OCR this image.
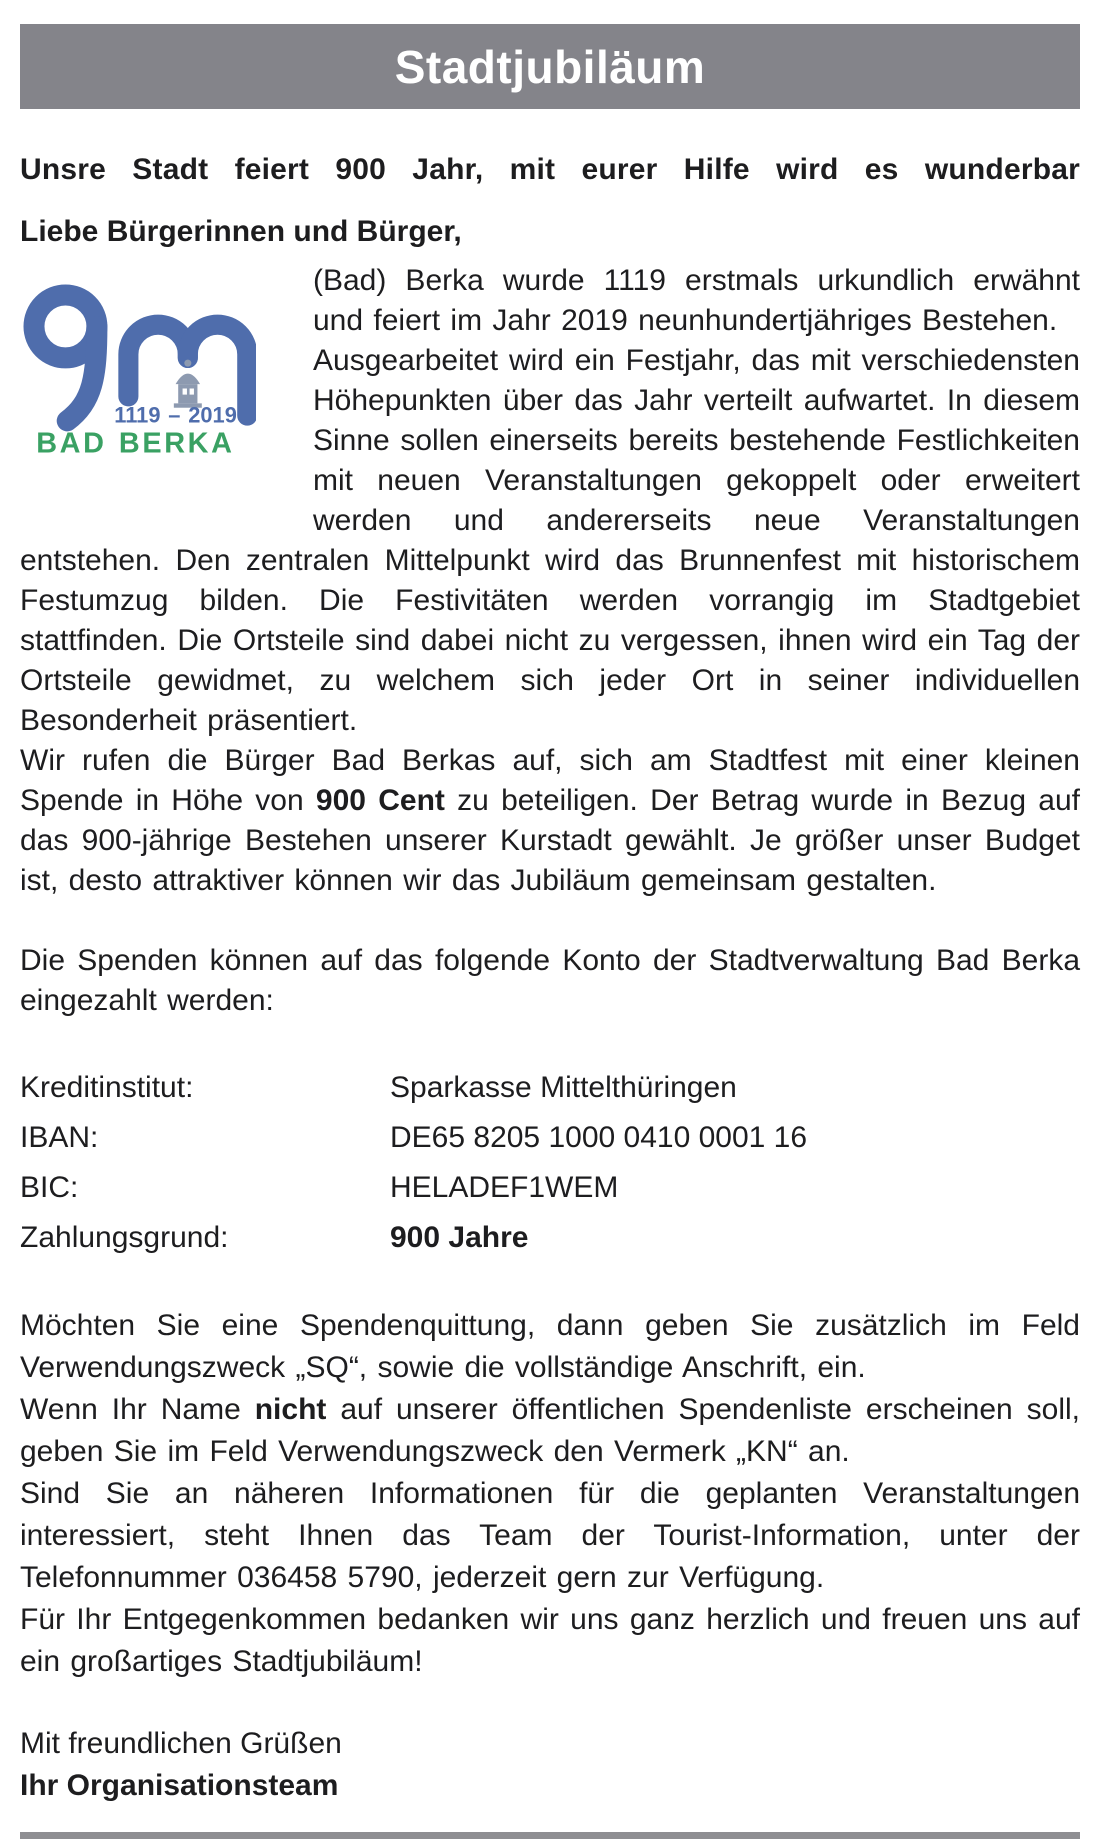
Stadtjubiläum
Unsre Stadt feiert 900 Jahr, mit eurer Hilfe wird es wunderbar
Liebe Bürgerinnen und Bürger,
1119 – 2019
BAD BERKA

(Bad) Berka wurde 1119 erstmals urkundlich erwähnt und feiert im Jahr 2019 neunhundertjähriges Bestehen.

Ausgearbeitet wird ein Festjahr, das mit verschiedensten Höhepunkten über das Jahr verteilt aufwartet. In diesem Sinne sollen einerseits bereits bestehende Festlichkeiten mit neuen Veranstaltungen gekoppelt oder erweitert werden und andererseits neue Veranstaltungen entstehen. Den zentralen Mittelpunkt wird das Brunnenfest mit historischem Festumzug bilden. Die Festivitäten werden vorrangig im Stadtgebiet stattfinden. Die Ortsteile sind dabei nicht zu vergessen, ihnen wird ein Tag der Ortsteile gewidmet, zu welchem sich jeder Ort in seiner individuellen Besonderheit präsentiert.

Wir rufen die Bürger Bad Berkas auf, sich am Stadtfest mit einer kleinen Spende in Höhe von 900 Cent zu beteiligen. Der Betrag wurde in Bezug auf das 900-jährige Bestehen unserer Kurstadt gewählt. Je größer unser Budget ist, desto attraktiver können wir das Jubiläum gemeinsam gestalten.

Die Spenden können auf das folgende Konto der Stadtverwaltung Bad Berka eingezahlt werden:
Kreditinstitut:	Sparkasse Mittelthüringen
IBAN:	DE65 8205 1000 0410 0001 16
BIC:	HELADEF1WEM
Zahlungsgrund:	900 Jahre

Möchten Sie eine Spendenquittung, dann geben Sie zusätzlich im Feld Verwendungszweck „SQ“, sowie die vollständige Anschrift, ein.

Wenn Ihr Name nicht auf unserer öffentlichen Spendenliste erscheinen soll, geben Sie im Feld Verwendungszweck den Vermerk „KN“ an.

Sind Sie an näheren Informationen für die geplanten Veranstaltungen interessiert, steht Ihnen das Team der Tourist-Information, unter der Telefonnummer 036458 5790, jederzeit gern zur Verfügung.

Für Ihr Entgegenkommen bedanken wir uns ganz herzlich und freuen uns auf ein großartiges Stadtjubiläum!

Mit freundlichen Grüßen
Ihr Organisationsteam
